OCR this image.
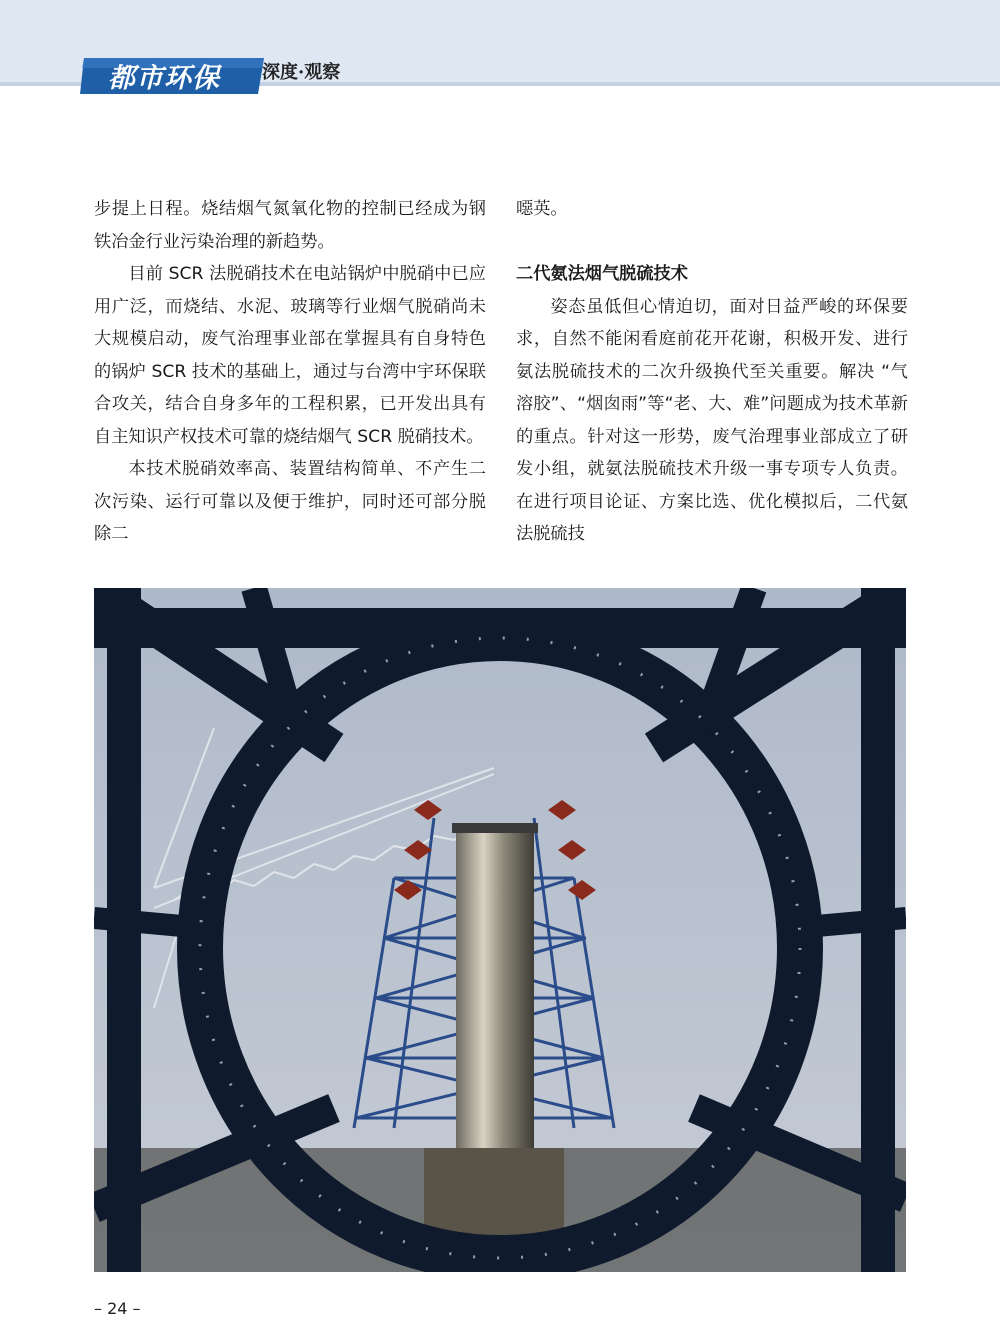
都市环保 深度·观察

步提上日程。烧结烟气氮氧化物的控制已经成为钢铁冶金行业污染治理的新趋势。

目前 SCR 法脱硝技术在电站锅炉中脱硝中已应用广泛，而烧结、水泥、玻璃等行业烟气脱硝尚未大规模启动，废气治理事业部在掌握具有自身特色的锅炉 SCR 技术的基础上，通过与台湾中宇环保联合攻关，结合自身多年的工程积累，已开发出具有自主知识产权技术可靠的烧结烟气 SCR 脱硝技术。

本技术脱硝效率高、装置结构简单、不产生二次污染、运行可靠以及便于维护，同时还可部分脱除二

噁英。

二代氨法烟气脱硫技术

姿态虽低但心情迫切，面对日益严峻的环保要求，自然不能闲看庭前花开花谢，积极开发、进行氨法脱硫技术的二次升级换代至关重要。解决 “气溶胶”、“烟囱雨”等“老、大、难”问题成为技术革新的重点。针对这一形势，废气治理事业部成立了研发小组，就氨法脱硫技术升级一事专项专人负责。在进行项目论证、方案比选、优化模拟后，二代氨法脱硫技

– 24 –
